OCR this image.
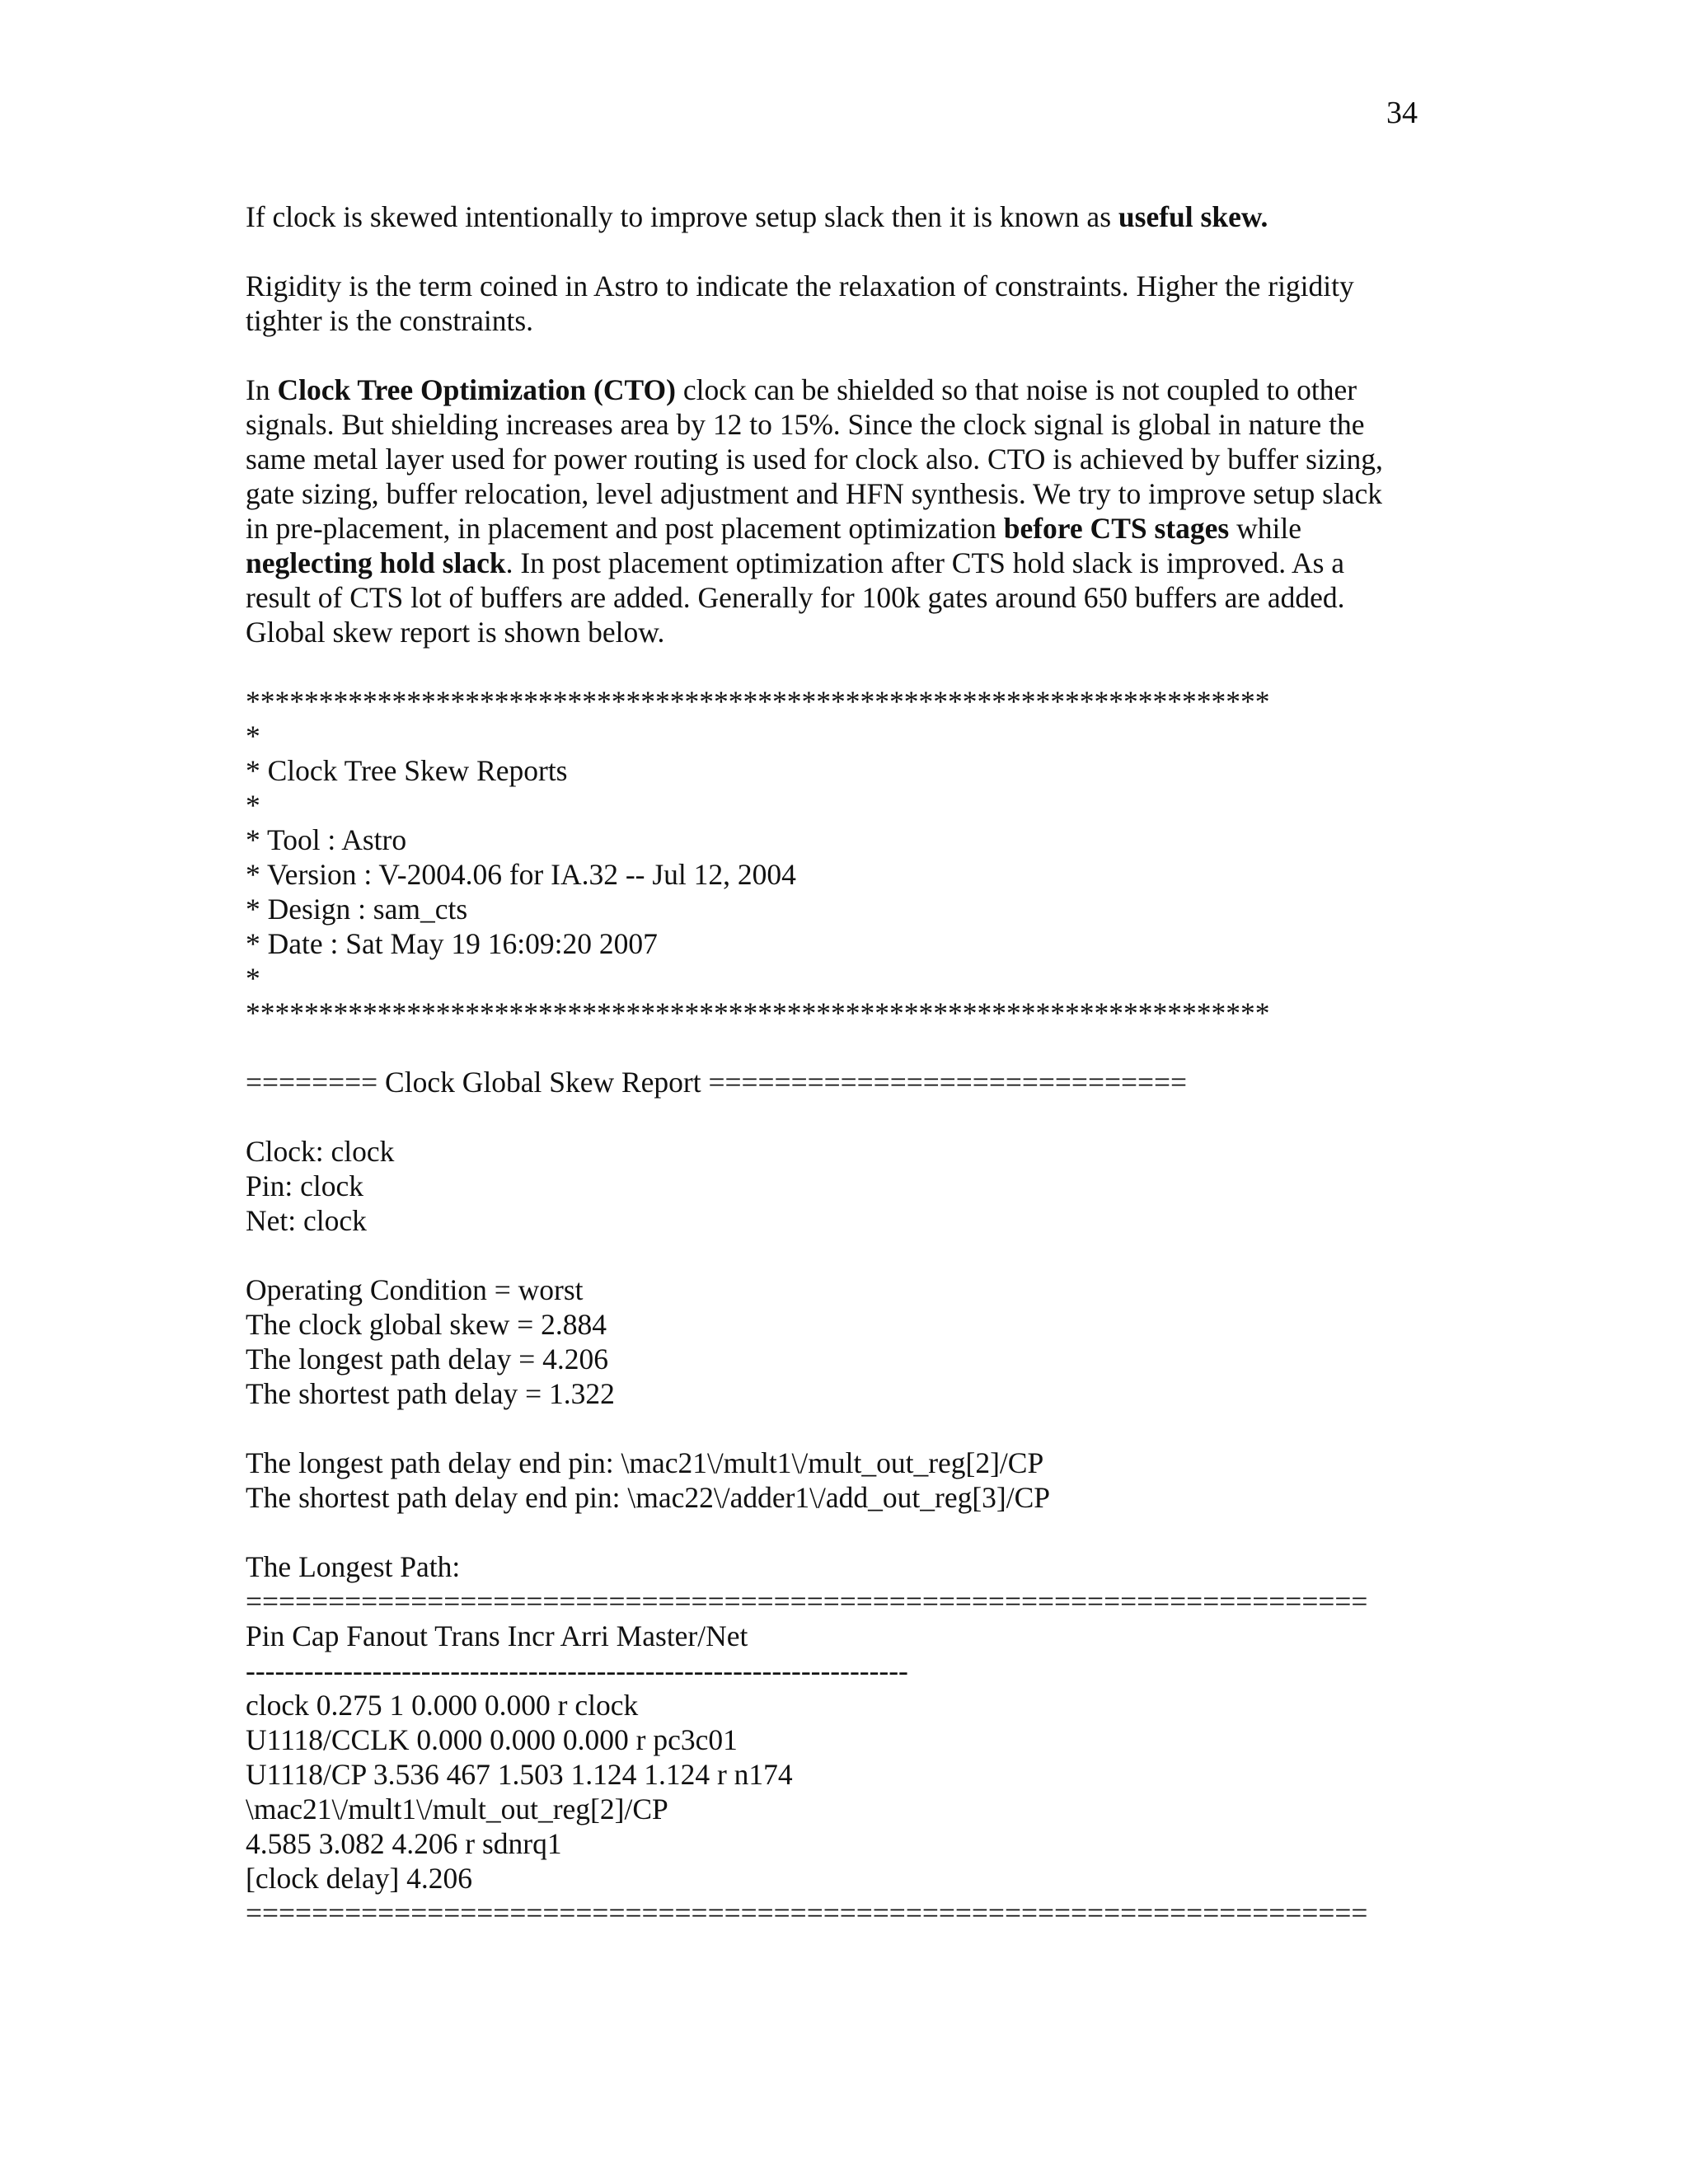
34

If clock is skewed intentionally to improve setup slack then it is known as useful skew.

Rigidity is the term coined in Astro to indicate the relaxation of constraints. Higher the rigidity
tighter is the constraints.

In Clock Tree Optimization (CTO) clock can be shielded so that noise is not coupled to other
signals. But shielding increases area by 12 to 15%. Since the clock signal is global in nature the
same metal layer used for power routing is used for clock also. CTO is achieved by buffer sizing,
gate sizing, buffer relocation, level adjustment and HFN synthesis. We try to improve setup slack
in pre-placement, in placement and post placement optimization before CTS stages while
neglecting hold slack. In post placement optimization after CTS hold slack is improved. As a
result of CTS lot of buffers are added. Generally for 100k gates around 650 buffers are added.
Global skew report is shown below.

**********************************************************************
*
* Clock Tree Skew Reports
*
* Tool : Astro
* Version : V-2004.06 for IA.32 -- Jul 12, 2004
* Design : sam_cts
* Date : Sat May 19 16:09:20 2007
*
**********************************************************************
======== Clock Global Skew Report =============================
Clock: clock
Pin: clock
Net: clock
Operating Condition = worst
The clock global skew = 2.884
The longest path delay = 4.206
The shortest path delay = 1.322
The longest path delay end pin: \mac21\/mult1\/mult_out_reg[2]/CP
The shortest path delay end pin: \mac22\/adder1\/add_out_reg[3]/CP
The Longest Path:
====================================================================
Pin Cap Fanout Trans Incr Arri Master/Net
--------------------------------------------------------------------
clock 0.275 1 0.000 0.000 r clock
U1118/CCLK 0.000 0.000 0.000 r pc3c01
U1118/CP 3.536 467 1.503 1.124 1.124 r n174
\mac21\/mult1\/mult_out_reg[2]/CP
4.585 3.082 4.206 r sdnrq1
[clock delay] 4.206
====================================================================
